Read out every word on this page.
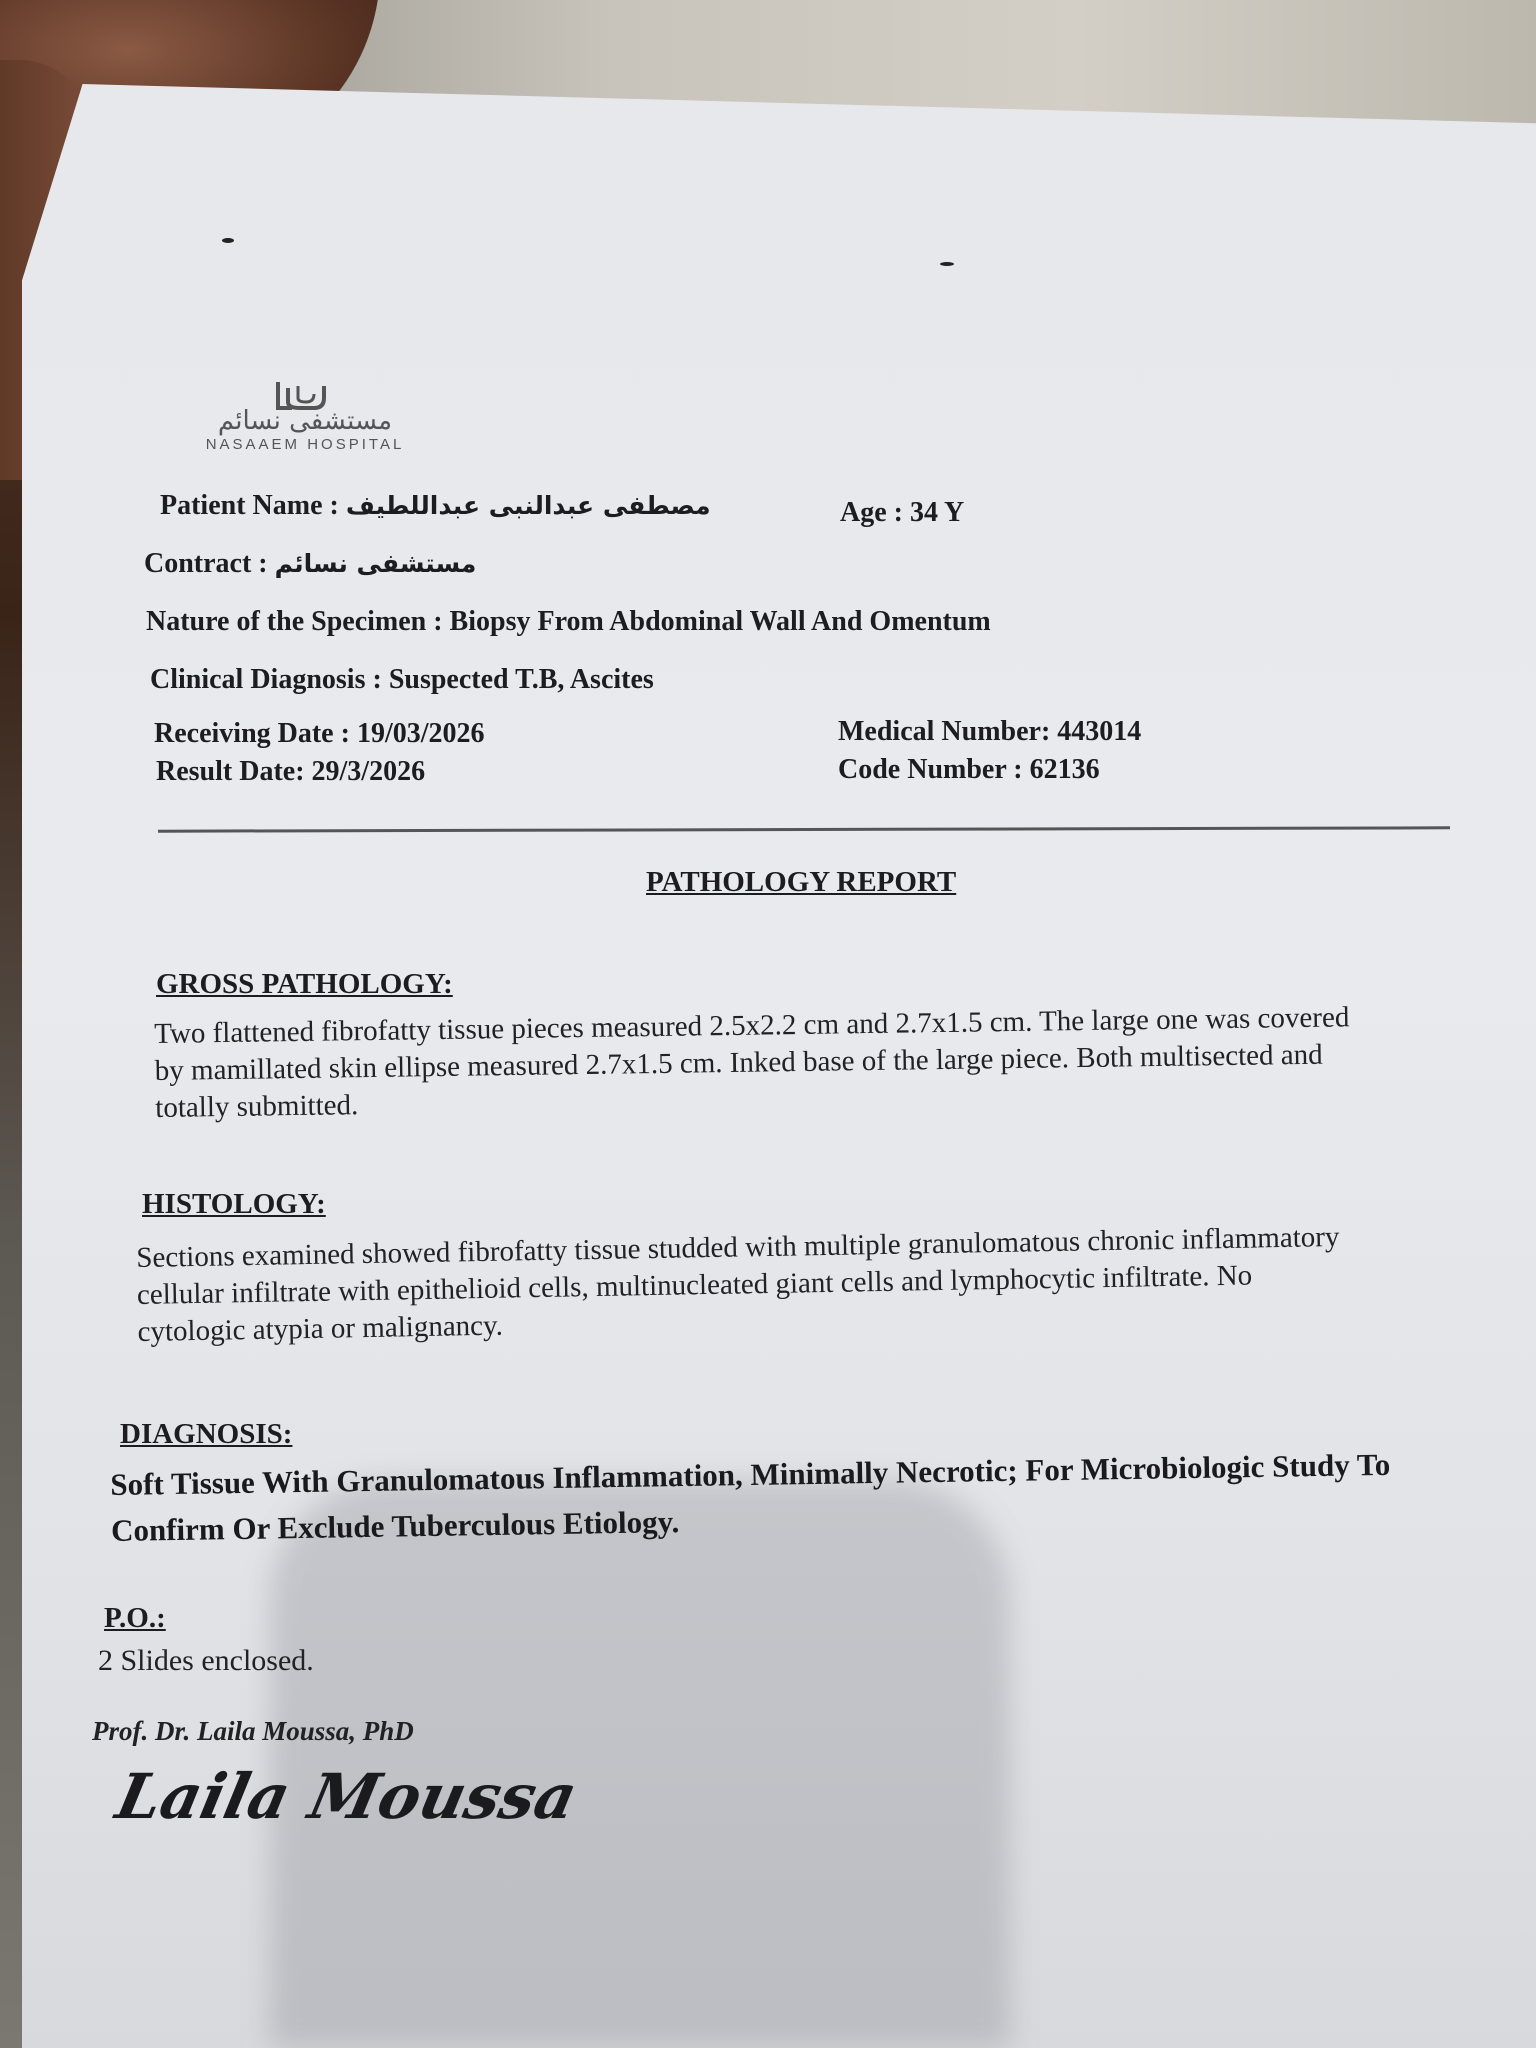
مستشفى نسائم
NASAAEM HOSPITAL
Patient Name : مصطفى عبدالنبى عبداللطيف	Age : 34 Y
Contract : مستشفى نسائم
Nature of the Specimen : Biopsy From Abdominal Wall And Omentum
Clinical Diagnosis : Suspected T.B, Ascites
Receiving Date : 19/03/2026
Result Date: 29/3/2026
Medical Number: 443014
Code Number : 62136
PATHOLOGY REPORT
GROSS PATHOLOGY:
Two flattened fibrofatty tissue pieces measured 2.5x2.2 cm and 2.7x1.5 cm. The large one was covered
by mamillated skin ellipse measured 2.7x1.5 cm. Inked base of the large piece. Both multisected and
totally submitted.
HISTOLOGY:
Sections examined showed fibrofatty tissue studded with multiple granulomatous chronic inflammatory
cellular infiltrate with epithelioid cells, multinucleated giant cells and lymphocytic infiltrate. No
cytologic atypia or malignancy.
DIAGNOSIS:
Soft Tissue With Granulomatous Inflammation, Minimally Necrotic; For Microbiologic Study To
Confirm Or Exclude Tuberculous Etiology.
P.O.:
2 Slides enclosed.
Prof. Dr. Laila Moussa, PhD
Laila Moussa
